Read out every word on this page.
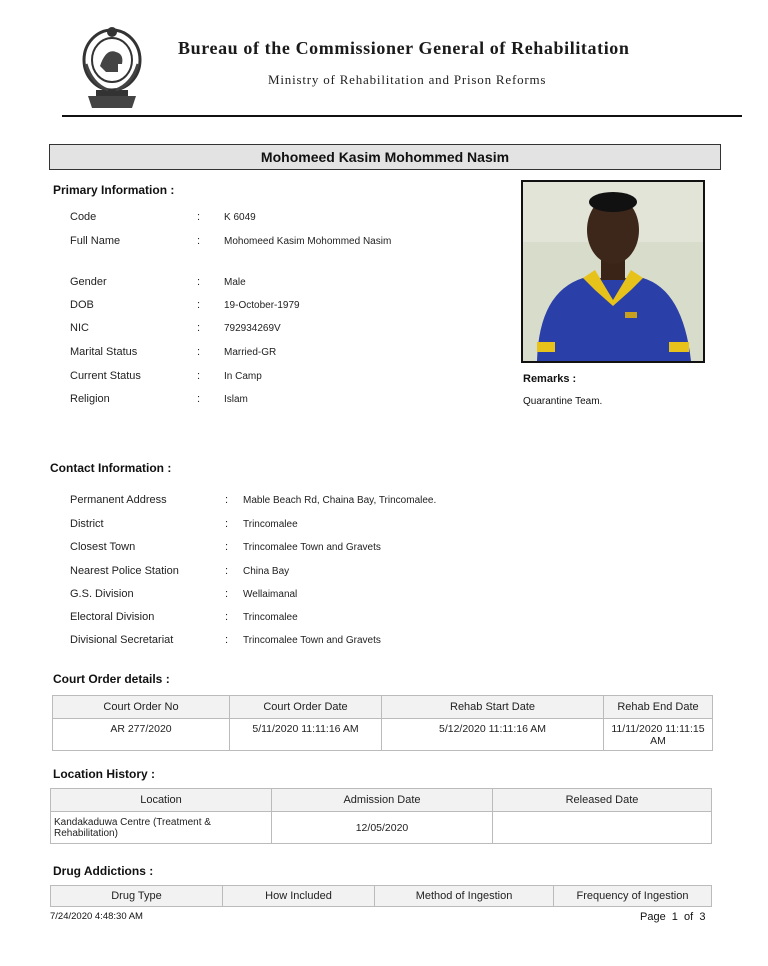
Bureau of the Commissioner General of Rehabilitation
Ministry of Rehabilitation and Prison Reforms
Mohomeed Kasim Mohommed Nasim
Primary Information :
Code	: K 6049
Full Name	: Mohomeed Kasim Mohommed Nasim
Gender	: Male
DOB	: 19-October-1979
NIC	: 792934269V
Marital Status	: Married-GR
Current Status	: In Camp
Religion	: Islam
Remarks :
Quarantine Team.
Contact Information :
Permanent Address	: Mable Beach Rd, Chaina Bay, Trincomalee.
District	: Trincomalee
Closest Town	: Trincomalee Town and Gravets
Nearest Police Station	: China Bay
G.S. Division	: Wellaimanal
Electoral Division	: Trincomalee
Divisional Secretariat	: Trincomalee Town and Gravets
Court Order details :
Court Order No	Court Order Date	Rehab Start Date	Rehab End Date
AR 277/2020	5/11/2020 11:11:16 AM	5/12/2020 11:11:16 AM	11/11/2020 11:11:15 AM
Location History :
Location	Admission Date	Released Date
Kandakaduwa Centre (Treatment & Rehabilitation)	12/05/2020	
Drug Addictions :
Drug Type	How Included	Method of Ingestion	Frequency of Ingestion
7/24/2020 4:48:30 AM	Page  1  of  3
